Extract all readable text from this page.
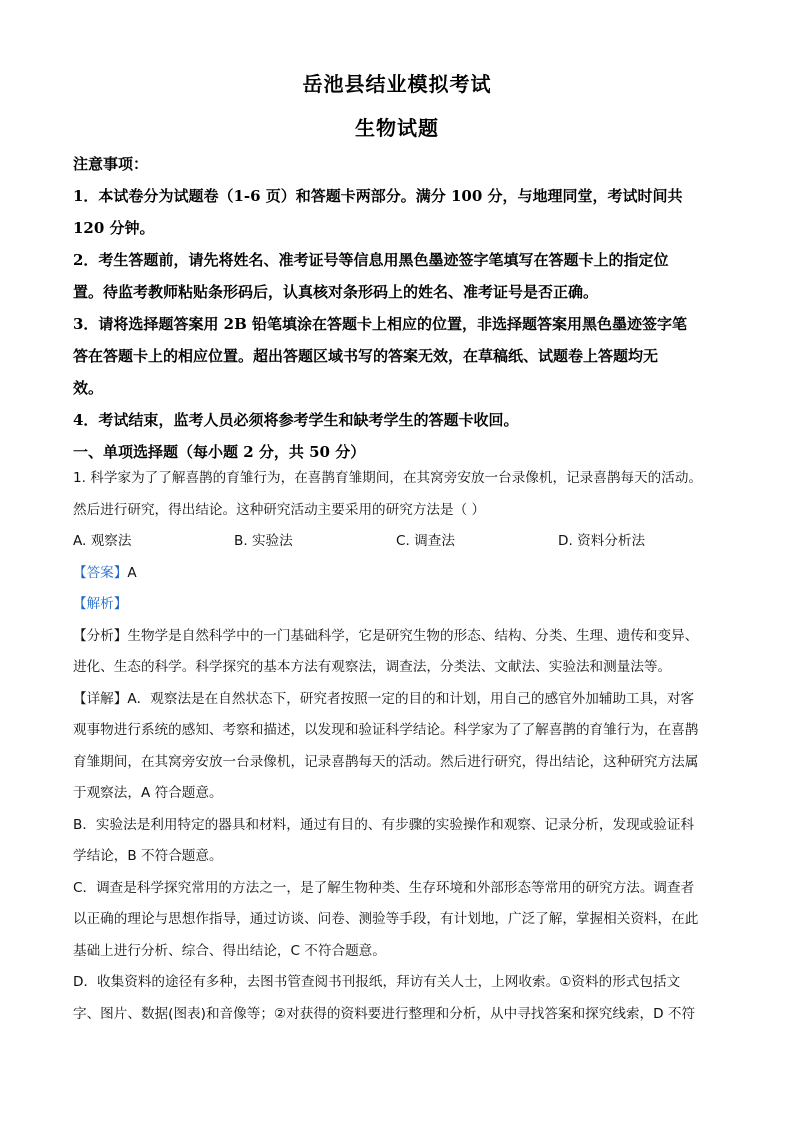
岳池县结业模拟考试
生物试题
注意事项：
1．本试卷分为试题卷（1-6 页）和答题卡两部分。满分 100 分，与地理同堂，考试时间共
120 分钟。
2．考生答题前，请先将姓名、准考证号等信息用黑色墨迹签字笔填写在答题卡上的指定位
置。待监考教师粘贴条形码后，认真核对条形码上的姓名、准考证号是否正确。
3．请将选择题答案用 2B 铅笔填涂在答题卡上相应的位置，非选择题答案用黑色墨迹签字笔
答在答题卡上的相应位置。超出答题区域书写的答案无效，在草稿纸、试题卷上答题均无
效。
4．考试结束，监考人员必须将参考学生和缺考学生的答题卡收回。
一、单项选择题（每小题 2 分，共 50 分）
1. 科学家为了了解喜鹊的育雏行为，在喜鹊育雏期间，在其窝旁安放一台录像机，记录喜鹊每天的活动。
然后进行研究，得出结论。这种研究活动主要采用的研究方法是（ ）
A. 观察法	B. 实验法	C. 调查法	D. 资料分析法
【答案】A
【解析】
【分析】生物学是自然科学中的一门基础科学，它是研究生物的形态、结构、分类、生理、遗传和变异、
进化、生态的科学。科学探究的基本方法有观察法，调查法，分类法、文献法、实验法和测量法等。
【详解】A．观察法是在自然状态下，研究者按照一定的目的和计划，用自己的感官外加辅助工具，对客
观事物进行系统的感知、考察和描述，以发现和验证科学结论。科学家为了了解喜鹊的育雏行为，在喜鹊
育雏期间，在其窝旁安放一台录像机，记录喜鹊每天的活动。然后进行研究，得出结论，这种研究方法属
于观察法，A 符合题意。
B．实验法是利用特定的器具和材料，通过有目的、有步骤的实验操作和观察、记录分析，发现或验证科
学结论，B 不符合题意。
C．调查是科学探究常用的方法之一，是了解生物种类、生存环境和外部形态等常用的研究方法。调查者
以正确的理论与思想作指导，通过访谈、问卷、测验等手段，有计划地，广泛了解，掌握相关资料，在此
基础上进行分析、综合、得出结论，C 不符合题意。
D．收集资料的途径有多种，去图书管查阅书刊报纸，拜访有关人士，上网收索。①资料的形式包括文
字、图片、数据(图表)和音像等；②对获得的资料要进行整理和分析，从中寻找答案和探究线索，D 不符
